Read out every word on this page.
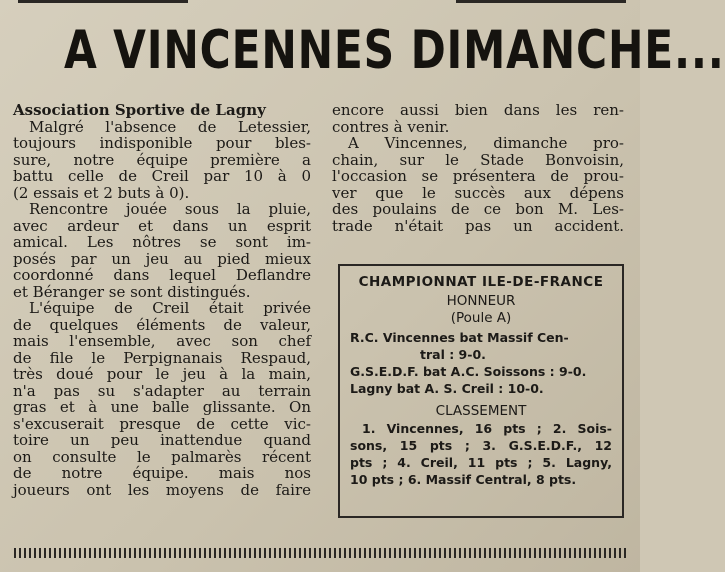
A VINCENNES DIMANCHE...
Association Sportive de Lagny
Malgré l'absence de Letessier,
toujours indisponible pour bles-
sure, notre équipe première a
battu celle de Creil par 10 à 0
(2 essais et 2 buts à 0).
Rencontre jouée sous la pluie,
avec ardeur et dans un esprit
amical. Les nôtres se sont im-
posés par un jeu au pied mieux
coordonné dans lequel Deflandre
et Béranger se sont distingués.
L'équipe de Creil était privée
de quelques éléments de valeur,
mais l'ensemble, avec son chef
de file le Perpignanais Respaud,
très doué pour le jeu à la main,
n'a pas su s'adapter au terrain
gras et à une balle glissante. On
s'excuserait presque de cette vic-
toire un peu inattendue quand
on consulte le palmarès récent
de notre équipe. mais nos
joueurs ont les moyens de faire
encore aussi bien dans les ren-
contres à venir.
A Vincennes, dimanche pro-
chain, sur le Stade Bonvoisin,
l'occasion se présentera de prou-
ver que le succès aux dépens
des poulains de ce bon M. Les-
trade n'était pas un accident.
CHAMPIONNAT ILE-DE-FRANCE
HONNEUR
(Poule A)
R.C. Vincennes bat Massif Cen-
tral : 9-0.
G.S.E.D.F. bat A.C. Soissons : 9-0.
Lagny bat A. S. Creil : 10-0.
CLASSEMENT
1. Vincennes, 16 pts ; 2. Sois-
sons, 15 pts ; 3. G.S.E.D.F., 12
pts ; 4. Creil, 11 pts ; 5. Lagny,
10 pts ; 6. Massif Central, 8 pts.
